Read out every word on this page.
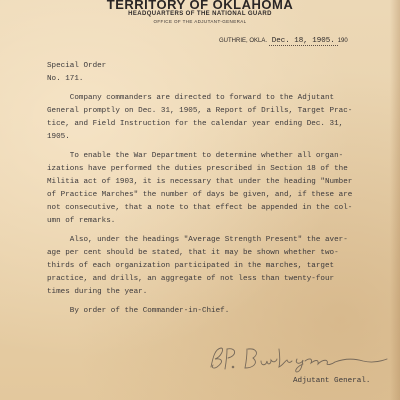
TERRITORY OF OKLAHOMA
HEADQUARTERS OF THE NATIONAL GUARD
OFFICE OF THE ADJUTANT-GENERAL
GUTHRIE, OKLA. Dec. 18, 1905. 190
Special Order
No. 171.
Company commanders are directed to forward to the Adjutant
General promptly on Dec. 31, 1905, a Report of Drills, Target Prac-
tice, and Field Instruction for the calendar year ending Dec. 31,
1905.
To enable the War Department to determine whether all organ-
izations have performed the duties prescribed in Section 18 of the
Militia act of 1903, it is necessary that under the heading "Number
of Practice Marches" the number of days be given, and, if these are
not consecutive, that a note to that effect be appended in the col-
umn of remarks.
Also, under the headings "Average Strength Present" the aver-
age per cent should be stated, that it may be shown whether two-
thirds of each organization participated in the marches, target
practice, and drills, an aggregate of not less than twenty-four
times during the year.
By order of the Commander-in-Chief.
Adjutant General.
